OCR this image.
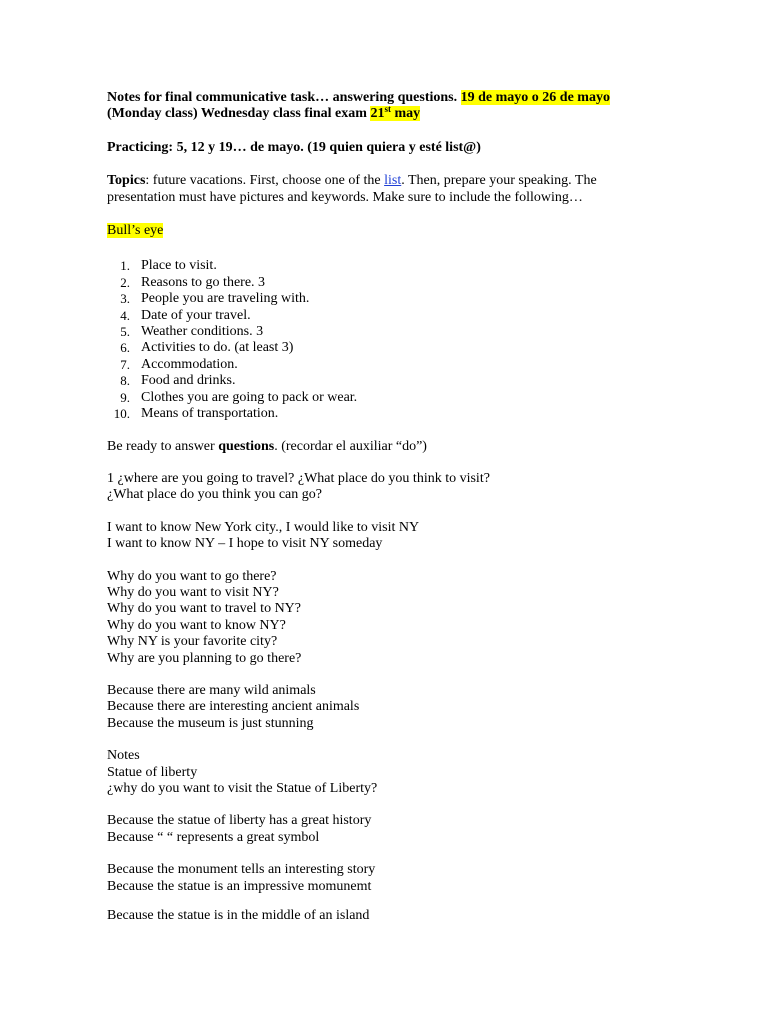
Notes for final communicative task… answering questions. 19 de mayo o 26 de mayo (Monday class) Wednesday class final exam 21st may

Practicing: 5, 12 y 19… de mayo. (19 quien quiera y esté list@)

Topics: future vacations. First, choose one of the list. Then, prepare your speaking. The presentation must have pictures and keywords. Make sure to include the following…

Bull’s eye

1. Place to visit.
2. Reasons to go there. 3
3. People you are traveling with.
4. Date of your travel.
5. Weather conditions. 3
6. Activities to do. (at least 3)
7. Accommodation.
8. Food and drinks.
9. Clothes you are going to pack or wear.
10. Means of transportation.

Be ready to answer questions. (recordar el auxiliar “do”)

1 ¿where are you going to travel? ¿What place do you think to visit?

¿What place do you think you can go?

I want to know New York city., I would like to visit NY

I want to know NY – I hope to visit NY someday

Why do you want to go there?

Why do you want to visit NY?

Why do you want to travel to NY?

Why do you want to know NY?

Why NY is your favorite city?

Why are you planning to go there?

Because there are many wild animals

Because there are interesting ancient animals

Because the museum is just stunning

Notes

Statue of liberty

¿why do you want to visit the Statue of Liberty?

Because the statue of liberty has a great history

Because “ “ represents a great symbol

Because the monument tells an interesting story

Because the statue is an impressive momunemt

Because the statue is in the middle of an island
